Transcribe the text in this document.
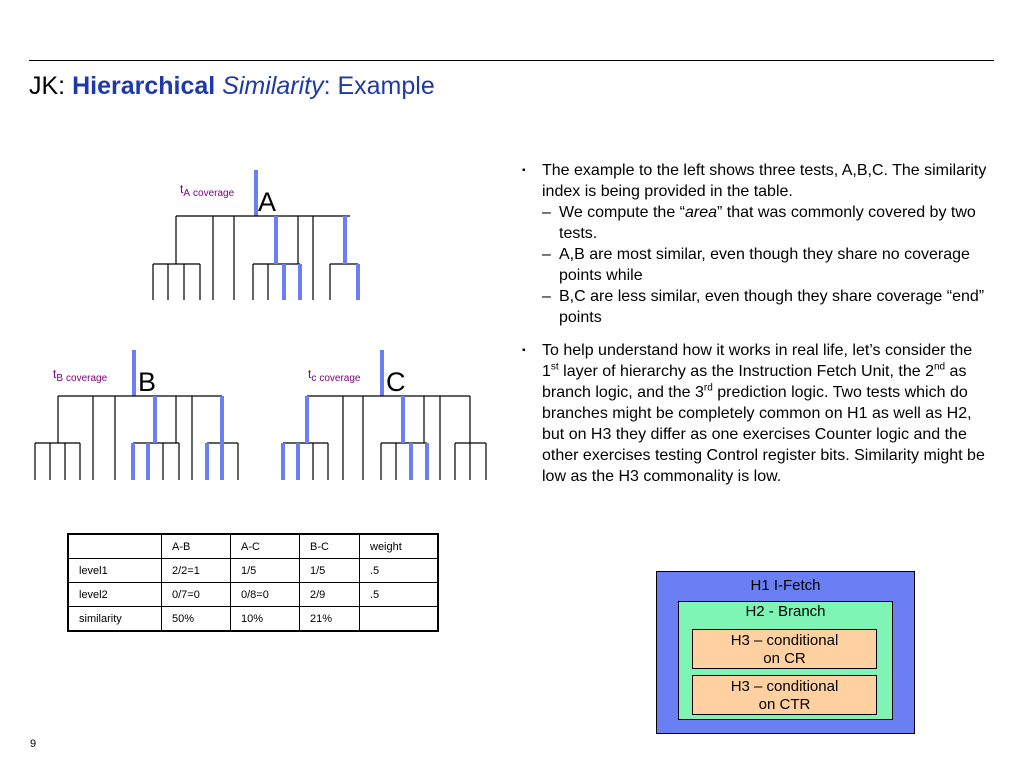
JK: Hierarchical Similarity: Example
$t_A$ coverage A
$t_B$ coverage B	$t_c$ coverage C
	A-B	A-C	B-C	weight
level1	2/2=1	1/5	1/5	.5
level2	0/7=0	0/8=0	2/9	.5
similarity	50%	10%	21%	
▪ The example to the left shows three tests, A,B,C. The similarity index is being provided in the table.
– We compute the “area” that was commonly covered by two tests.
– A,B are most similar, even though they share no coverage points while
– B,C are less similar, even though they share coverage “end” points
▪ To help understand how it works in real life, let’s consider the 1st layer of hierarchy as the Instruction Fetch Unit, the 2nd as branch logic, and the 3rd prediction logic. Two tests which do branches might be completely common on H1 as well as H2, but on H3 they differ as one exercises Counter logic and the other exercises testing Control register bits. Similarity might be low as the H3 commonality is low.
H1 I-Fetch
H2 - Branch
H3 – conditional
on CR
H3 – conditional
on CTR
9
